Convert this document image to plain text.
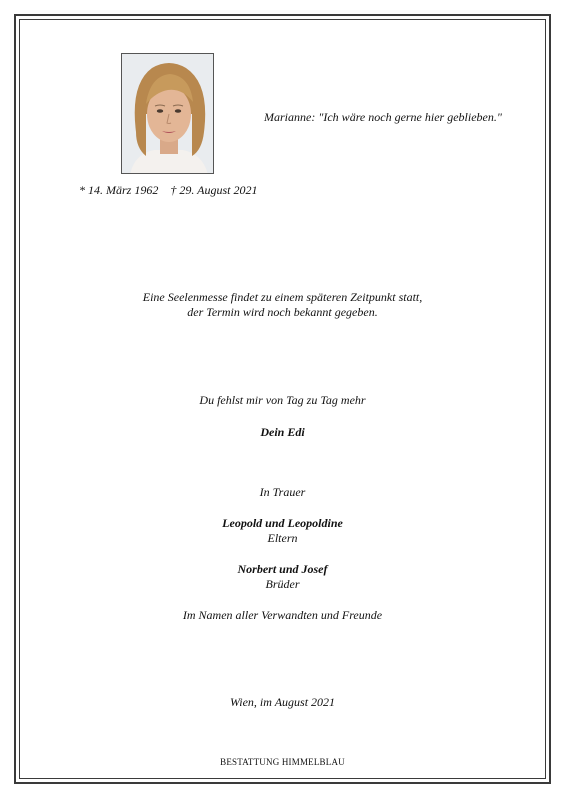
Marianne: "Ich wäre noch gerne hier geblieben."
* 14. März 1962 † 29. August 2021
Eine Seelenmesse findet zu einem späteren Zeitpunkt statt,
der Termin wird noch bekannt gegeben.
Du fehlst mir von Tag zu Tag mehr
Dein Edi
In Trauer
Leopold und Leopoldine
Eltern
Norbert und Josef
Brüder
Im Namen aller Verwandten und Freunde
Wien, im August 2021
BESTATTUNG HIMMELBLAU
